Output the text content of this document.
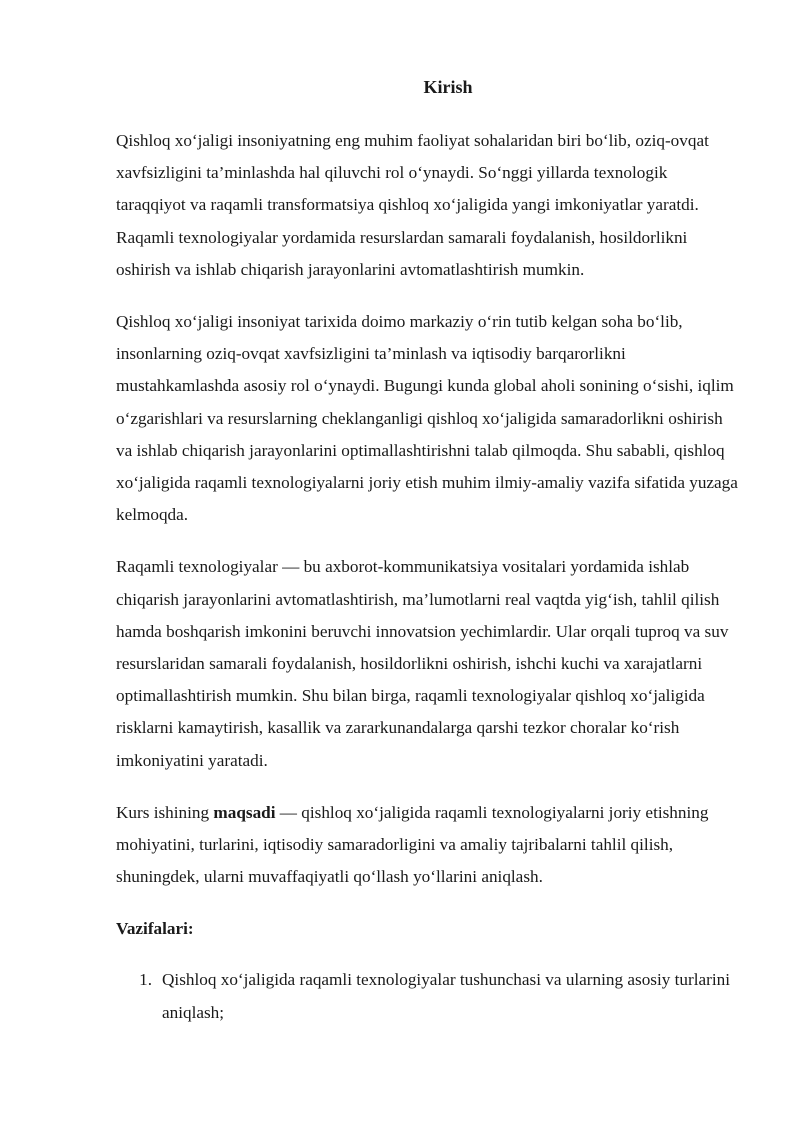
Kirish

Qishloq xo‘jaligi insoniyatning eng muhim faoliyat sohalaridan biri bo‘lib, oziq-ovqat xavfsizligini ta’minlashda hal qiluvchi rol o‘ynaydi. So‘nggi yillarda texnologik taraqqiyot va raqamli transformatsiya qishloq xo‘jaligida yangi imkoniyatlar yaratdi. Raqamli texnologiyalar yordamida resurslardan samarali foydalanish, hosildorlikni oshirish va ishlab chiqarish jarayonlarini avtomatlashtirish mumkin.

Qishloq xo‘jaligi insoniyat tarixida doimo markaziy o‘rin tutib kelgan soha bo‘lib, insonlarning oziq-ovqat xavfsizligini ta’minlash va iqtisodiy barqarorlikni mustahkamlashda asosiy rol o‘ynaydi. Bugungi kunda global aholi sonining o‘sishi, iqlim o‘zgarishlari va resurslarning cheklanganligi qishloq xo‘jaligida samaradorlikni oshirish va ishlab chiqarish jarayonlarini optimallashtirishni talab qilmoqda. Shu sababli, qishloq xo‘jaligida raqamli texnologiyalarni joriy etish muhim ilmiy-amaliy vazifa sifatida yuzaga kelmoqda.

Raqamli texnologiyalar — bu axborot-kommunikatsiya vositalari yordamida ishlab chiqarish jarayonlarini avtomatlashtirish, ma’lumotlarni real vaqtda yig‘ish, tahlil qilish hamda boshqarish imkonini beruvchi innovatsion yechimlardir. Ular orqali tuproq va suv resurslaridan samarali foydalanish, hosildorlikni oshirish, ishchi kuchi va xarajatlarni optimallashtirish mumkin. Shu bilan birga, raqamli texnologiyalar qishloq xo‘jaligida risklarni kamaytirish, kasallik va zararkunandalarga qarshi tezkor choralar ko‘rish imkoniyatini yaratadi.

Kurs ishining maqsadi — qishloq xo‘jaligida raqamli texnologiyalarni joriy etishning mohiyatini, turlarini, iqtisodiy samaradorligini va amaliy tajribalarni tahlil qilish, shuningdek, ularni muvaffaqiyatli qo‘llash yo‘llarini aniqlash.

Vazifalari:
1. Qishloq xo‘jaligida raqamli texnologiyalar tushunchasi va ularning asosiy turlarini aniqlash;
